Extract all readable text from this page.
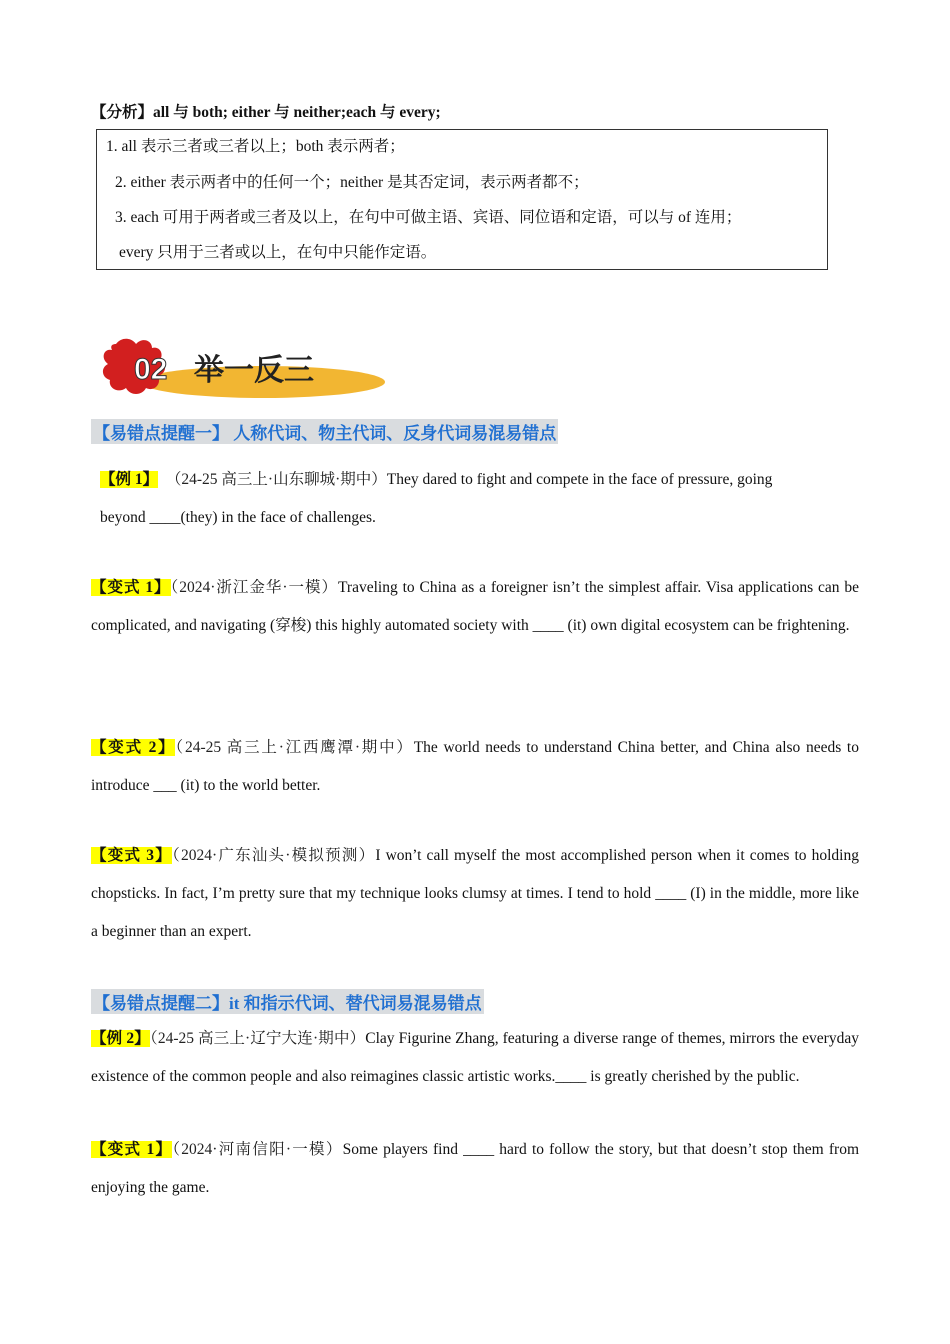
【分析】all 与 both; either 与 neither;each 与 every;
1. all 表示三者或三者以上；both 表示两者；
2. either 表示两者中的任何一个；neither 是其否定词，表示两者都不；
3. each 可用于两者或三者及以上，在句中可做主语、宾语、同位语和定语，可以与 of 连用；
every 只用于三者或以上，在句中只能作定语。
02 举一反三
【易错点提醒一】 人称代词、物主代词、反身代词易混易错点
【例 1】 （24-25 高三上·山东聊城·期中）They dared to fight and compete in the face of pressure, going
beyond ____(they) in the face of challenges.
【变式 1】（2024·浙江金华·一模）Traveling to China as a foreigner isn’t the simplest affair. Visa applications can be complicated, and navigating (穿梭) this highly automated society with ____ (it) own digital ecosystem can be frightening.
【变式 2】（24-25 高三上·江西鹰潭·期中）The world needs to understand China better, and China also needs to introduce ___ (it) to the world better.
【变式 3】（2024·广东汕头·模拟预测）I won’t call myself the most accomplished person when it comes to holding chopsticks. In fact, I’m pretty sure that my technique looks clumsy at times. I tend to hold ____ (I) in the middle, more like a beginner than an expert.
【易错点提醒二】it 和指示代词、替代词易混易错点
【例 2】（24-25 高三上·辽宁大连·期中）Clay Figurine Zhang, featuring a diverse range of themes, mirrors the everyday existence of the common people and also reimagines classic artistic works.____ is greatly cherished by the public.
【变式 1】（2024·河南信阳·一模）Some players find ____ hard to follow the story, but that doesn’t stop them from enjoying the game.
